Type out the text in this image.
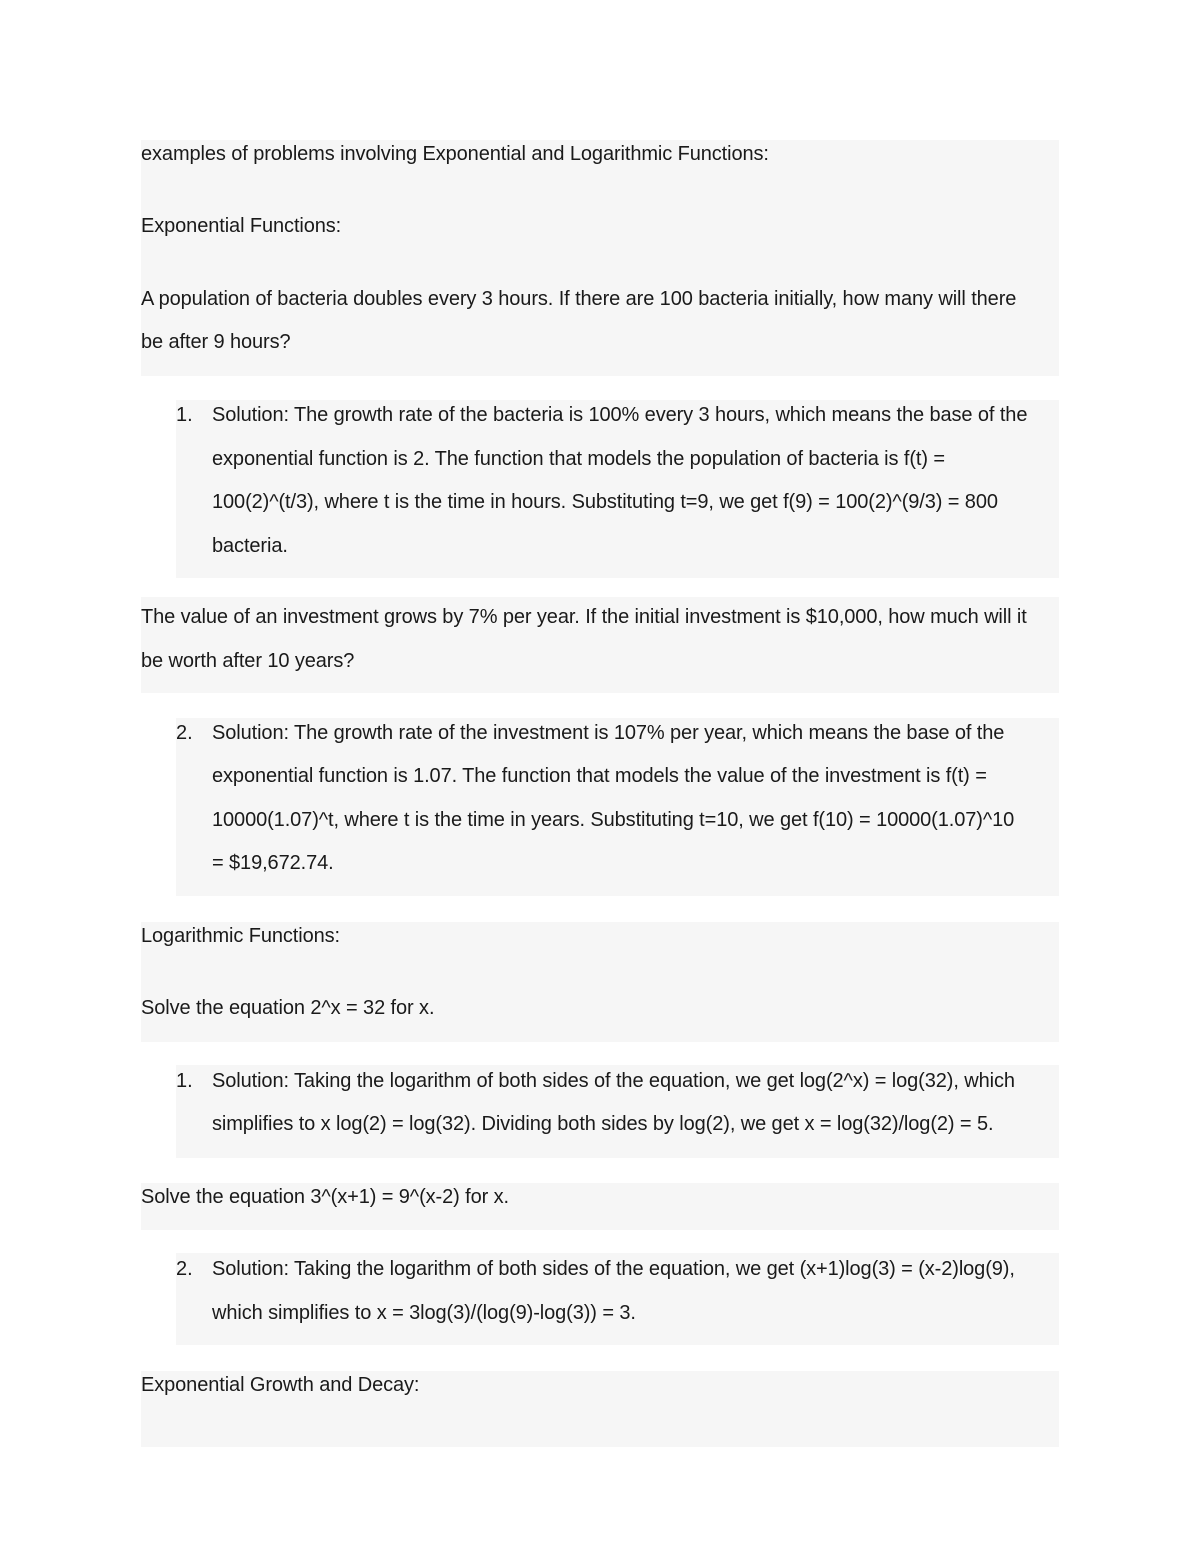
examples of problems involving Exponential and Logarithmic Functions:
Exponential Functions:
A population of bacteria doubles every 3 hours. If there are 100 bacteria initially, how many will there
be after 9 hours?
1. Solution: The growth rate of the bacteria is 100% every 3 hours, which means the base of the
exponential function is 2. The function that models the population of bacteria is f(t) =
100(2)^(t/3), where t is the time in hours. Substituting t=9, we get f(9) = 100(2)^(9/3) = 800
bacteria.
The value of an investment grows by 7% per year. If the initial investment is $10,000, how much will it
be worth after 10 years?
2. Solution: The growth rate of the investment is 107% per year, which means the base of the
exponential function is 1.07. The function that models the value of the investment is f(t) =
10000(1.07)^t, where t is the time in years. Substituting t=10, we get f(10) = 10000(1.07)^10
= $19,672.74.
Logarithmic Functions:
Solve the equation 2^x = 32 for x.
1. Solution: Taking the logarithm of both sides of the equation, we get log(2^x) = log(32), which
simplifies to x log(2) = log(32). Dividing both sides by log(2), we get x = log(32)/log(2) = 5.
Solve the equation 3^(x+1) = 9^(x-2) for x.
2. Solution: Taking the logarithm of both sides of the equation, we get (x+1)log(3) = (x-2)log(9),
which simplifies to x = 3log(3)/(log(9)-log(3)) = 3.
Exponential Growth and Decay:
